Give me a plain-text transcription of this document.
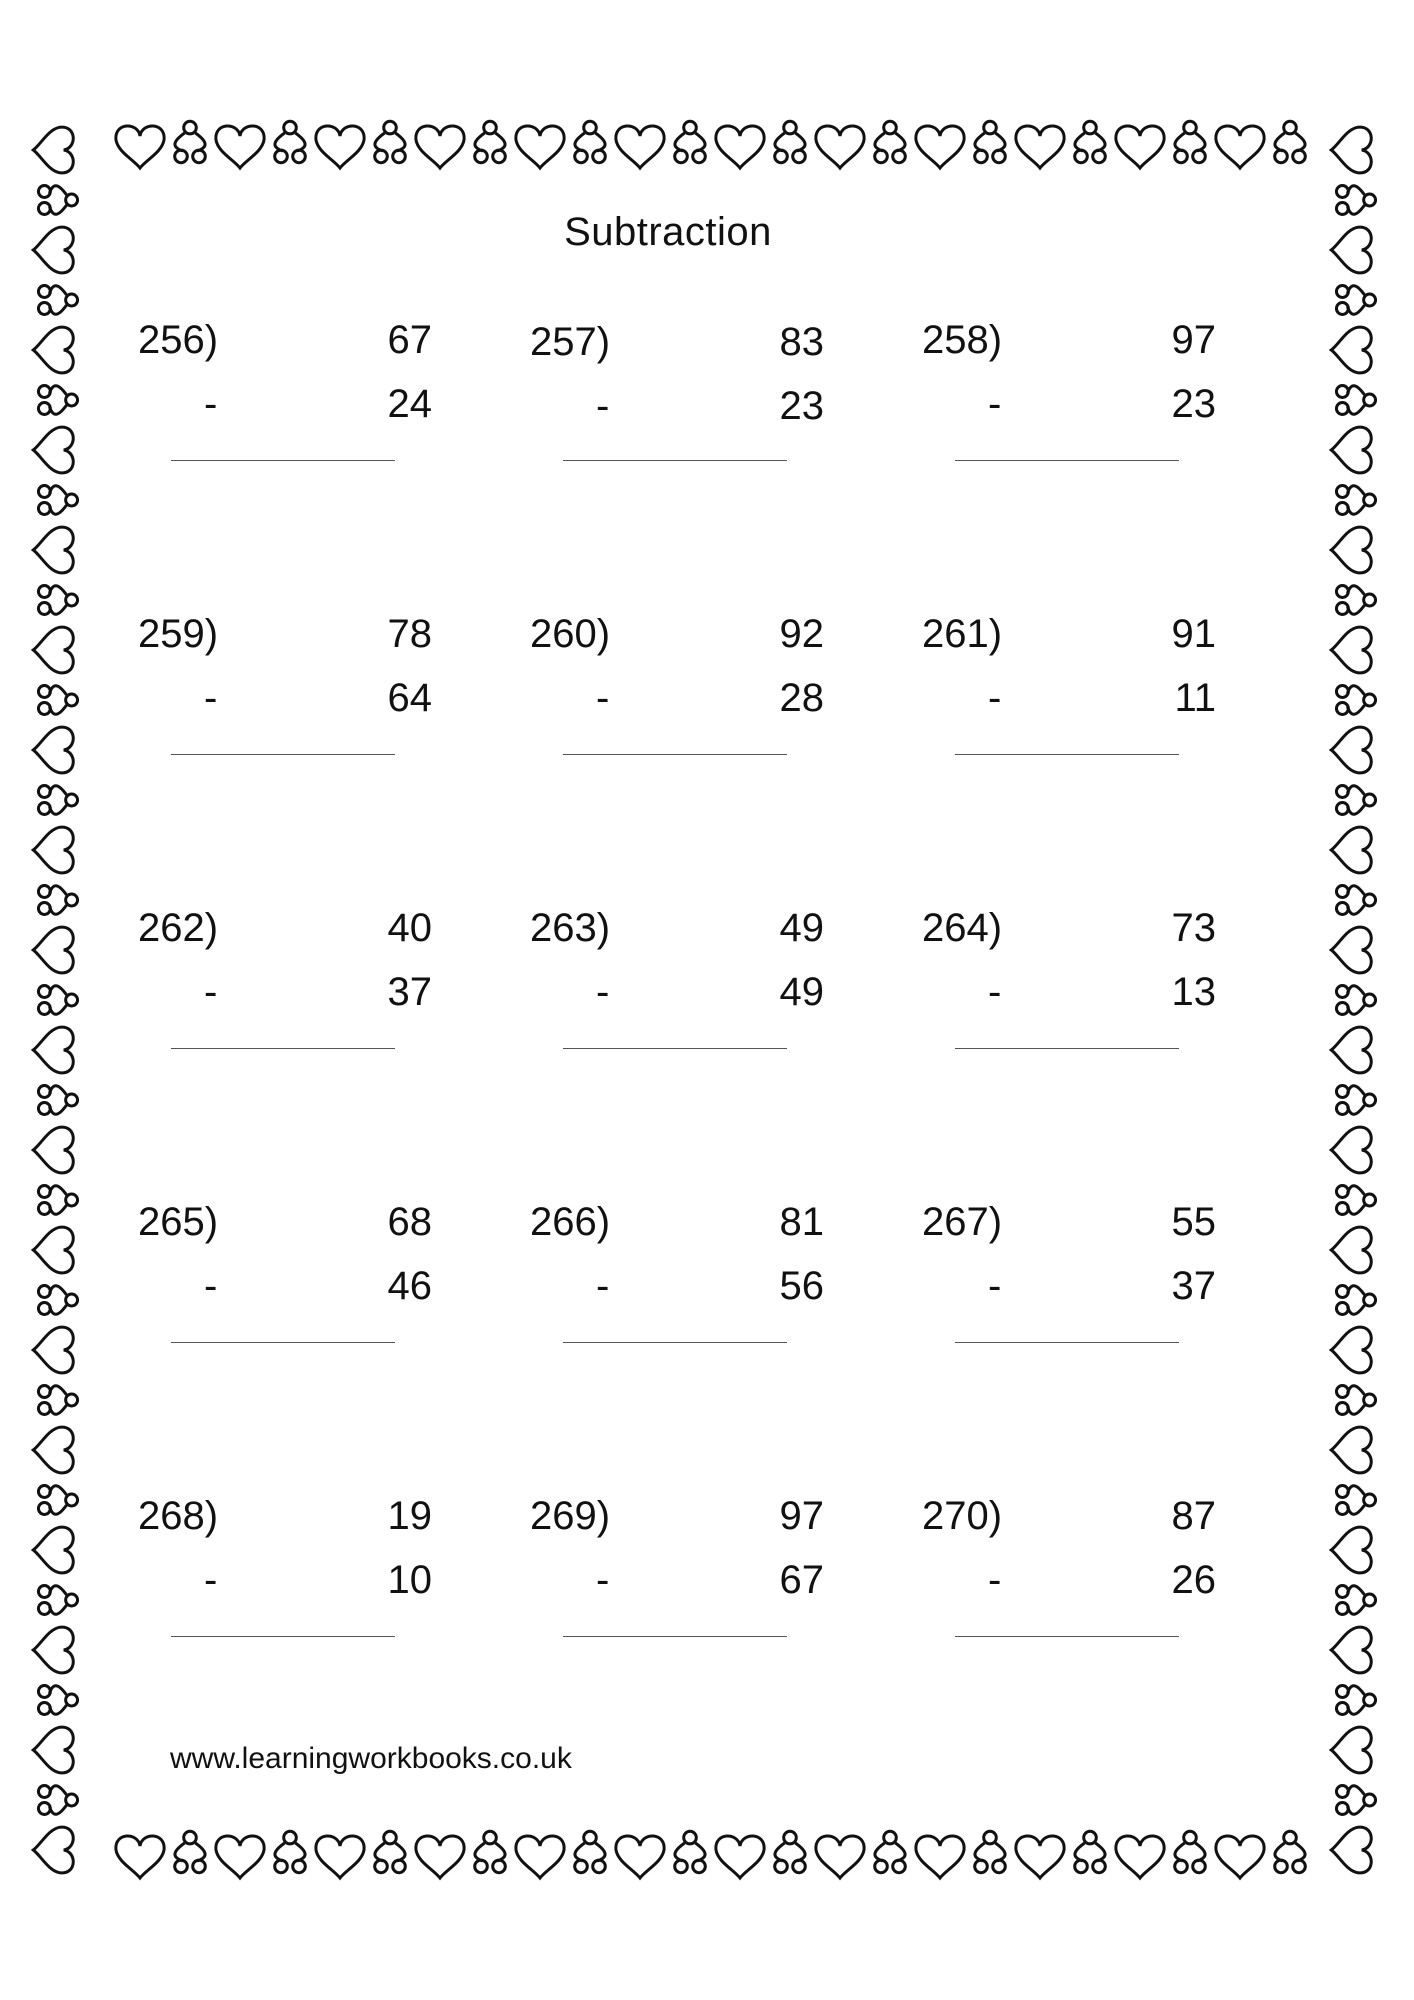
Subtraction
256)	67
-	24
257)	83
-	23
258)	97
-	23
259)	78
-	64
260)	92
-	28
261)	91
-	11
262)	40
-	37
263)	49
-	49
264)	73
-	13
265)	68
-	46
266)	81
-	56
267)	55
-	37
268)	19
-	10
269)	97
-	67
270)	87
-	26
www.learningworkbooks.co.uk
